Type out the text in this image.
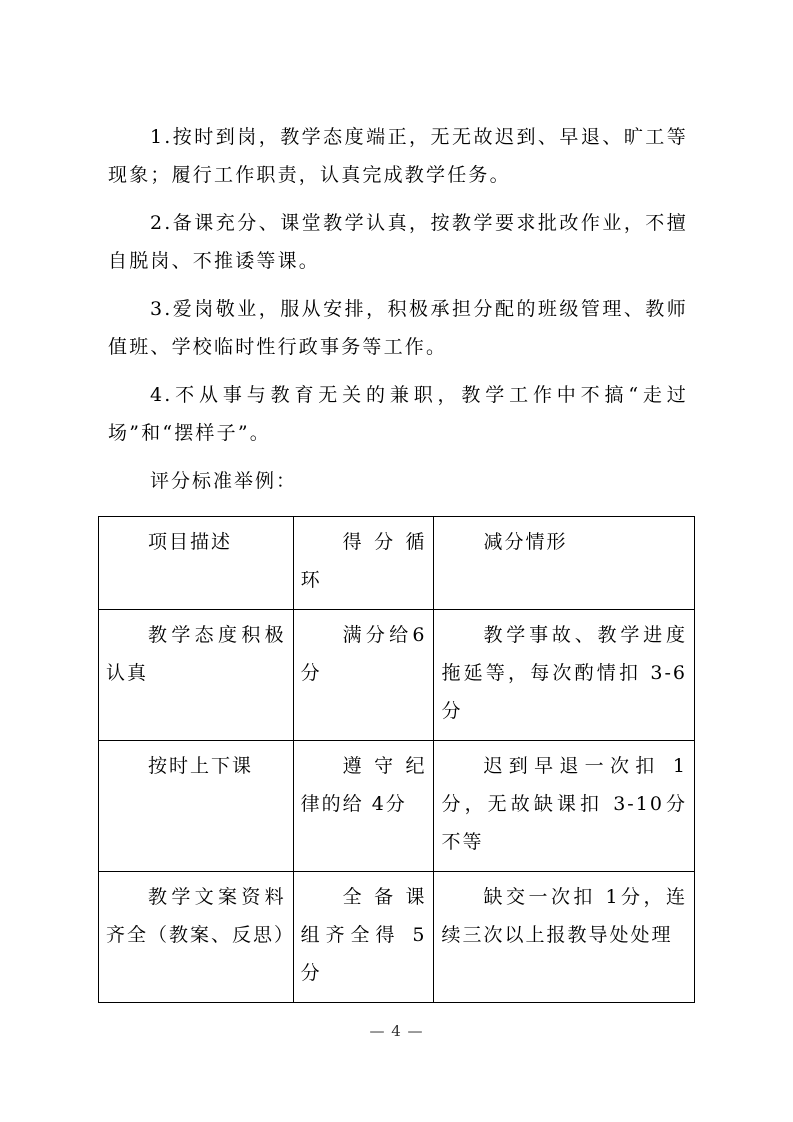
1.按时到岗，教学态度端正，无无故迟到、早退、旷工等现象；履行工作职责，认真完成教学任务。

2.备课充分、课堂教学认真，按教学要求批改作业，不擅自脱岗、不推诿等课。

3.爱岗敬业，服从安排，积极承担分配的班级管理、教师值班、学校临时性行政事务等工作。

4.不从事与教育无关的兼职，教学工作中不搞“走过场”和“摆样子”。

评分标准举例：

项目描述	得分循环	减分情形
教学态度积极认真	满分给6分	教学事故、教学进度拖延等，每次酌情扣 3-6分
按时上下课	遵守纪律的给 4分	迟到早退一次扣 1分，无故缺课扣 3-10分不等
教学文案资料齐全（教案、反思）	全备课组齐全得 5分	缺交一次扣 1分，连续三次以上报教导处处理
— 4 —
